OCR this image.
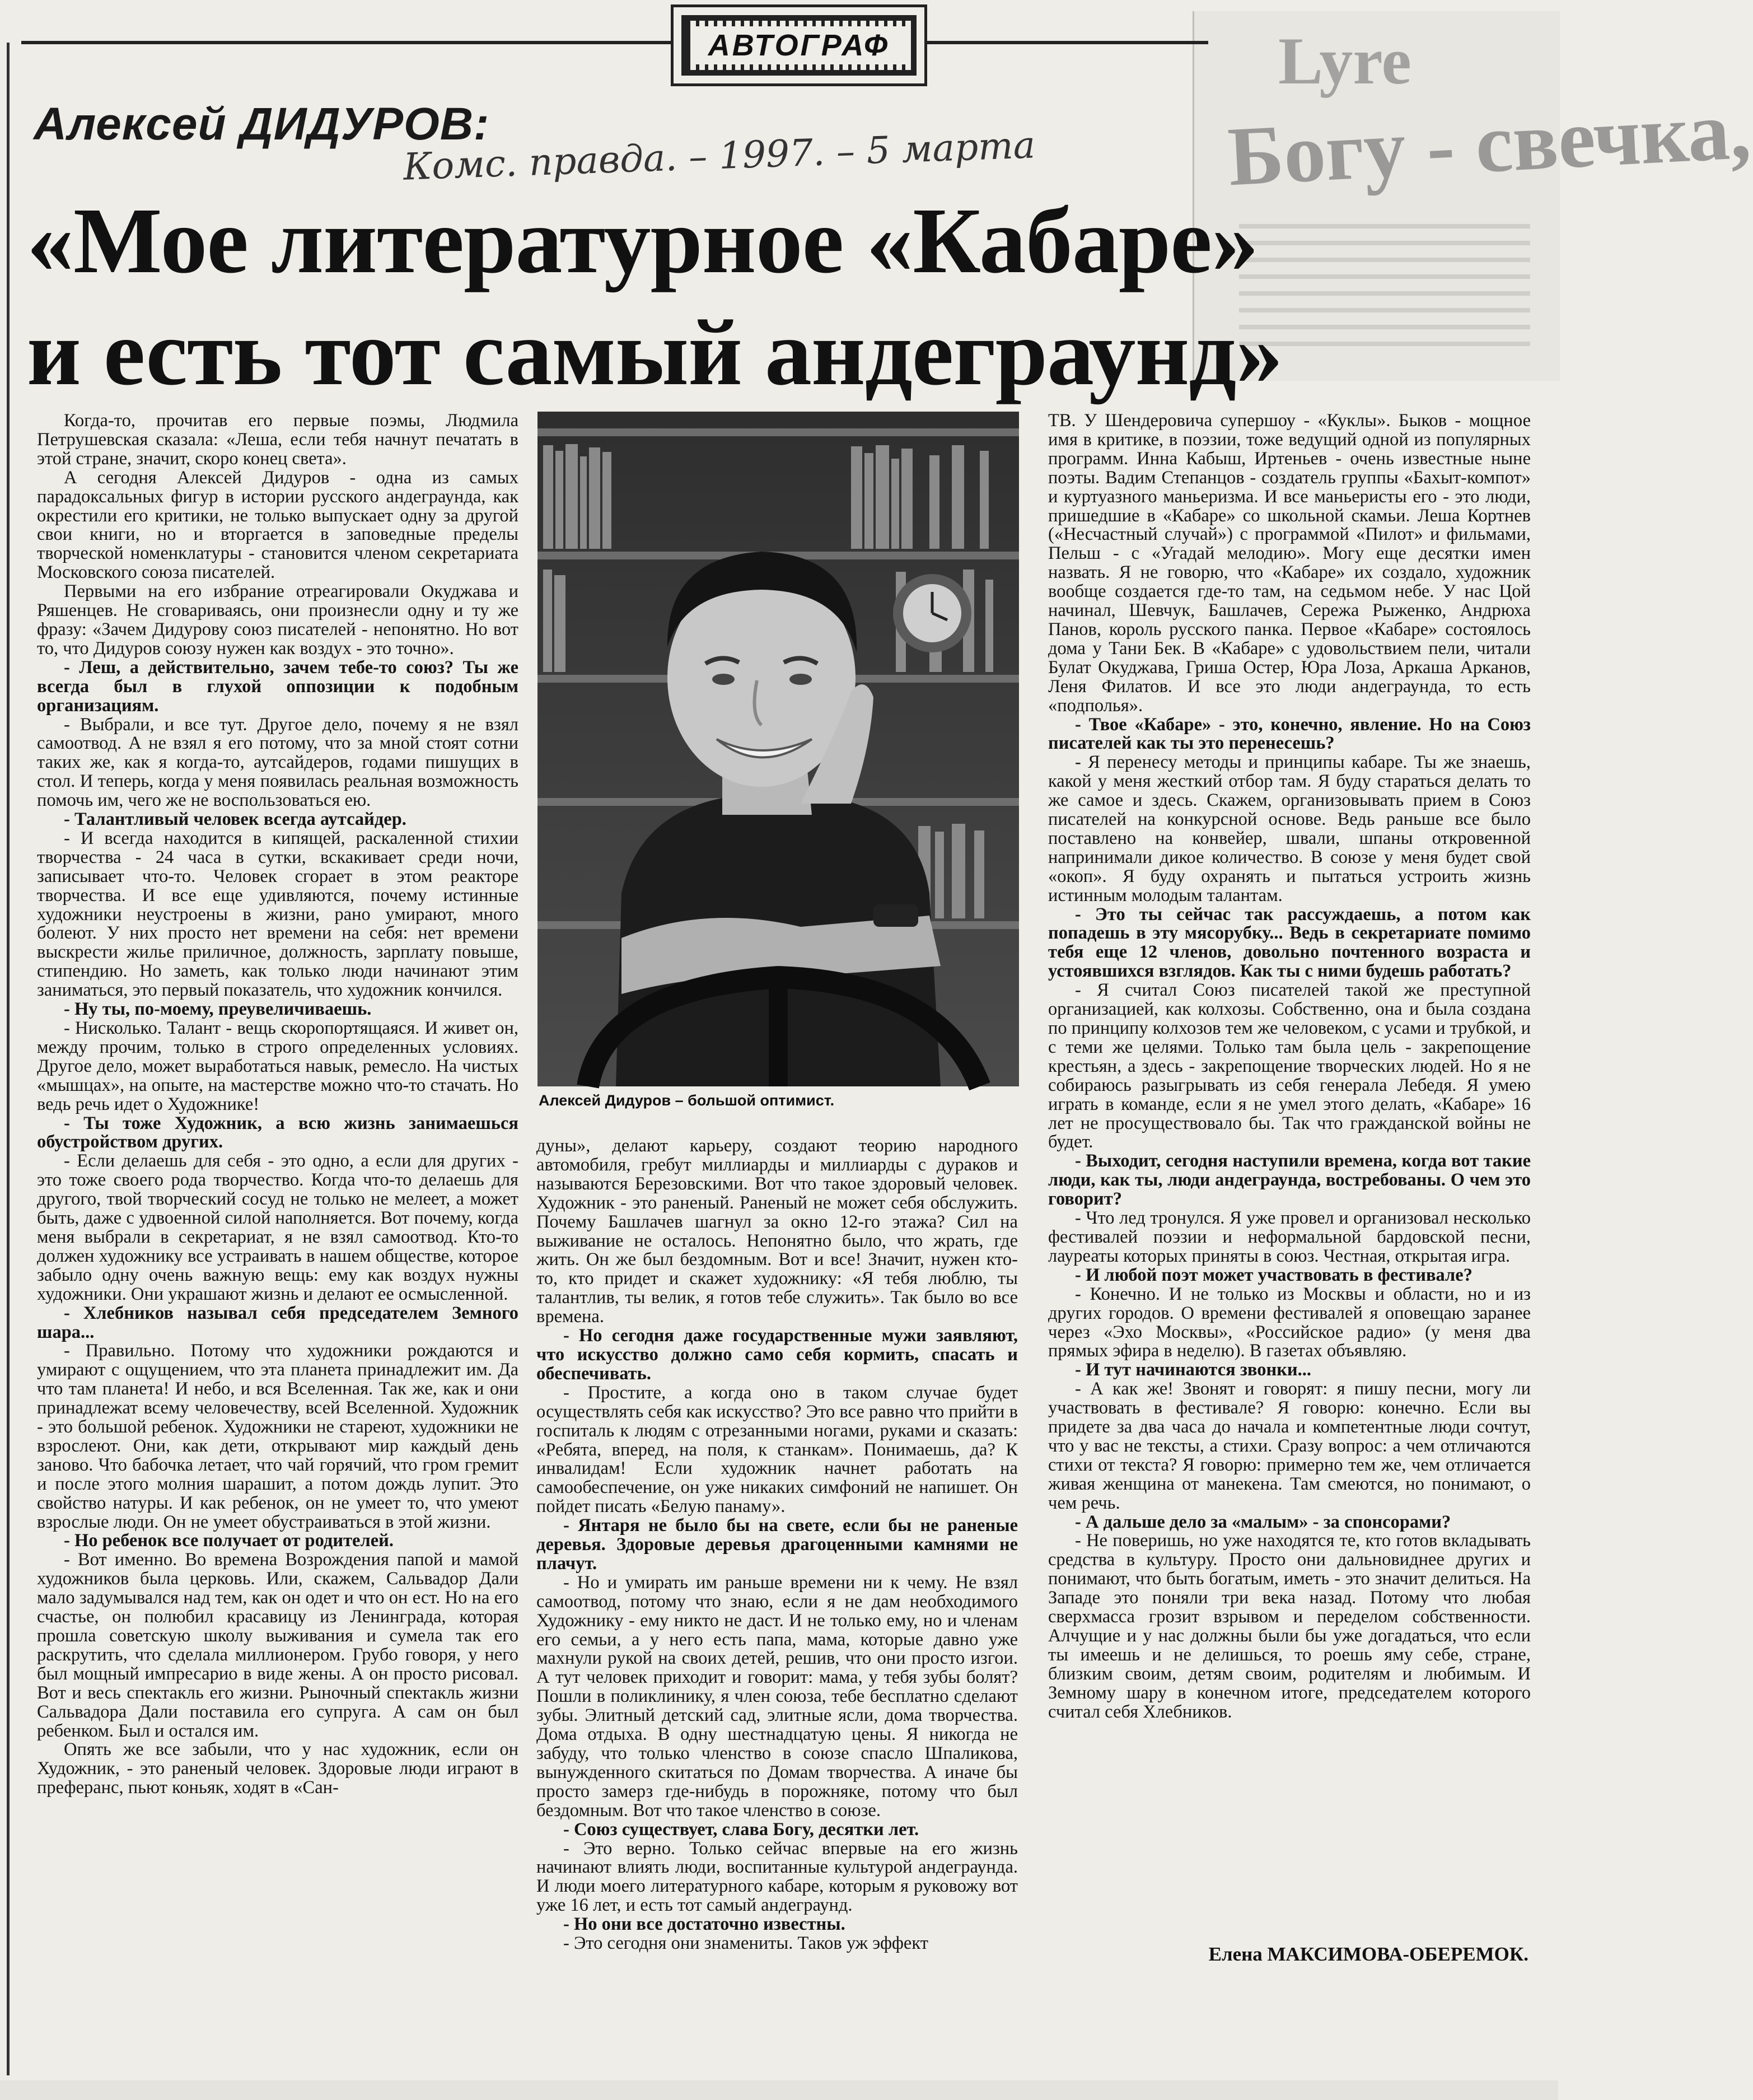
Lyre
Богу - свечка,
АВТОГРАФ
Алексей ДИДУРОВ:
Комс. правда. – 1997. – 5 марта
«Мое литературное «Кабаре»
и есть тот самый андеграунд»

Когда-то, прочитав его первые поэмы, Людмила Петрушевская сказала: «Леша, если тебя начнут печатать в этой стране, значит, скоро конец света».

А сегодня Алексей Дидуров - одна из самых парадоксальных фигур в истории русского андеграунда, как окрестили его критики, не только выпускает одну за другой свои книги, но и вторгается в заповедные пределы творческой номенклатуры - становится членом секретариата Московского союза писателей.

Первыми на его избрание отреагировали Окуджава и Ряшенцев. Не сговариваясь, они произнесли одну и ту же фразу: «Зачем Дидурову союз писателей - непонятно. Но вот то, что Дидуров союзу нужен как воздух - это точно».

- Леш, а действительно, зачем тебе-то союз? Ты же всегда был в глухой оппозиции к подобным организациям.

- Выбрали, и все тут. Другое дело, почему я не взял самоотвод. А не взял я его потому, что за мной стоят сотни таких же, как я когда-то, аутсайдеров, годами пишущих в стол. И теперь, когда у меня появилась реальная возможность помочь им, чего же не воспользоваться ею.

- Талантливый человек всегда аутсайдер.

- И всегда находится в кипящей, раскаленной стихии творчества - 24 часа в сутки, вскакивает среди ночи, записывает что-то. Человек сгорает в этом реакторе творчества. И все еще удивляются, почему истинные художники неустроены в жизни, рано умирают, много болеют. У них просто нет времени на себя: нет времени выскрести жилье приличное, должность, зарплату повыше, стипендию. Но заметь, как только люди начинают этим заниматься, это первый показатель, что художник кончился.

- Ну ты, по-моему, преувеличиваешь.

- Нисколько. Талант - вещь скоропортящаяся. И живет он, между прочим, только в строго определенных условиях. Другое дело, может выработаться навык, ремесло. На чистых «мышцах», на опыте, на мастерстве можно что-то стачать. Но ведь речь идет о Художнике!

- Ты тоже Художник, а всю жизнь занимаешься обустройством других.

- Если делаешь для себя - это одно, а если для других - это тоже своего рода творчество. Когда что-то делаешь для другого, твой творческий сосуд не только не мелеет, а может быть, даже с удвоенной силой наполняется. Вот почему, когда меня выбрали в секретариат, я не взял самоотвод. Кто-то должен художнику все устраивать в нашем обществе, которое забыло одну очень важную вещь: ему как воздух нужны художники. Они украшают жизнь и делают ее осмысленной.

- Хлебников называл себя председателем Земного шара...

- Правильно. Потому что художники рождаются и умирают с ощущением, что эта планета принадлежит им. Да что там планета! И небо, и вся Вселенная. Так же, как и они принадлежат всему человечеству, всей Вселенной. Художник - это большой ребенок. Художники не стареют, художники не взрослеют. Они, как дети, открывают мир каждый день заново. Что бабочка летает, что чай горячий, что гром гремит и после этого молния шарашит, а потом дождь лупит. Это свойство натуры. И как ребенок, он не умеет то, что умеют взрослые люди. Он не умеет обустраиваться в этой жизни.

- Но ребенок все получает от родителей.

- Вот именно. Во времена Возрождения папой и мамой художников была церковь. Или, скажем, Сальвадор Дали мало задумывался над тем, как он одет и что он ест. Но на его счастье, он полюбил красавицу из Ленинграда, которая прошла советскую школу выживания и сумела так его раскрутить, что сделала миллионером. Грубо говоря, у него был мощный импресарио в виде жены. А он просто рисовал. Вот и весь спектакль его жизни. Рыночный спектакль жизни Сальвадора Дали поставила его супруга. А сам он был ребенком. Был и остался им.

Опять же все забыли, что у нас художник, если он Художник, - это раненый человек. Здоровые люди играют в преферанс, пьют коньяк, ходят в «Сан-

Алексей Дидуров – большой оптимист.

дуны», делают карьеру, создают теорию народного автомобиля, гребут миллиарды и миллиарды с дураков и называются Березовскими. Вот что такое здоровый человек. Художник - это раненый. Раненый не может себя обслужить. Почему Башлачев шагнул за окно 12-го этажа? Сил на выживание не осталось. Непонятно было, что жрать, где жить. Он же был бездомным. Вот и все! Значит, нужен кто-то, кто придет и скажет художнику: «Я тебя люблю, ты талантлив, ты велик, я готов тебе служить». Так было во все времена.

- Но сегодня даже государственные мужи заявляют, что искусство должно само себя кормить, спасать и обеспечивать.

- Простите, а когда оно в таком случае будет осуществлять себя как искусство? Это все равно что прийти в госпиталь к людям с отрезанными ногами, руками и сказать: «Ребята, вперед, на поля, к станкам». Понимаешь, да? К инвалидам! Если художник начнет работать на самообеспечение, он уже никаких симфоний не напишет. Он пойдет писать «Белую панаму».

- Янтаря не было бы на свете, если бы не раненые деревья. Здоровые деревья драгоценными камнями не плачут.

- Но и умирать им раньше времени ни к чему. Не взял самоотвод, потому что знаю, если я не дам необходимого Художнику - ему никто не даст. И не только ему, но и членам его семьи, а у него есть папа, мама, которые давно уже махнули рукой на своих детей, решив, что они просто изгои. А тут человек приходит и говорит: мама, у тебя зубы болят? Пошли в поликлинику, я член союза, тебе бесплатно сделают зубы. Элитный детский сад, элитные ясли, дома творчества. Дома отдыха. В одну шестнадцатую цены. Я никогда не забуду, что только членство в союзе спасло Шпаликова, вынужденного скитаться по Домам творчества. А иначе бы просто замерз где-нибудь в порожняке, потому что был бездомным. Вот что такое членство в союзе.

- Союз существует, слава Богу, десятки лет.

- Это верно. Только сейчас впервые на его жизнь начинают влиять люди, воспитанные культурой андеграунда. И люди моего литературного кабаре, которым я руковожу вот уже 16 лет, и есть тот самый андеграунд.

- Но они все достаточно известны.

- Это сегодня они знамениты. Таков уж эффект

ТВ. У Шендеровича супершоу - «Куклы». Быков - мощное имя в критике, в поэзии, тоже ведущий одной из популярных программ. Инна Кабыш, Иртеньев - очень известные ныне поэты. Вадим Степанцов - создатель группы «Бахыт-компот» и куртуазного маньеризма. И все маньеристы его - это люди, пришедшие в «Кабаре» со школьной скамьи. Леша Кортнев («Несчастный случай») с программой «Пилот» и фильмами, Пельш - с «Угадай мелодию». Могу еще десятки имен назвать. Я не говорю, что «Кабаре» их создало, художник вообще создается где-то там, на седьмом небе. У нас Цой начинал, Шевчук, Башлачев, Сережа Рыженко, Андрюха Панов, король русского панка. Первое «Кабаре» состоялось дома у Тани Бек. В «Кабаре» с удовольствием пели, читали Булат Окуджава, Гриша Остер, Юра Лоза, Аркаша Арканов, Леня Филатов. И все это люди андеграунда, то есть «подполья».

- Твое «Кабаре» - это, конечно, явление. Но на Союз писателей как ты это перенесешь?

- Я перенесу методы и принципы кабаре. Ты же знаешь, какой у меня жесткий отбор там. Я буду стараться делать то же самое и здесь. Скажем, организовывать прием в Союз писателей на конкурсной основе. Ведь раньше все было поставлено на конвейер, швали, шпаны откровенной напринимали дикое количество. В союзе у меня будет свой «окоп». Я буду охранять и пытаться устроить жизнь истинным молодым талантам.

- Это ты сейчас так рассуждаешь, а потом как попадешь в эту мясорубку... Ведь в секретариате помимо тебя еще 12 членов, довольно почтенного возраста и устоявшихся взглядов. Как ты с ними будешь работать?

- Я считал Союз писателей такой же преступной организацией, как колхозы. Собственно, она и была создана по принципу колхозов тем же человеком, с усами и трубкой, и с теми же целями. Только там была цель - закрепощение крестьян, а здесь - закрепощение творческих людей. Но я не собираюсь разыгрывать из себя генерала Лебедя. Я умею играть в команде, если я не умел этого делать, «Кабаре» 16 лет не просуществовало бы. Так что гражданской войны не будет.

- Выходит, сегодня наступили времена, когда вот такие люди, как ты, люди андеграунда, востребованы. О чем это говорит?

- Что лед тронулся. Я уже провел и организовал несколько фестивалей поэзии и неформальной бардовской песни, лауреаты которых приняты в союз. Честная, открытая игра.

- И любой поэт может участвовать в фестивале?

- Конечно. И не только из Москвы и области, но и из других городов. О времени фестивалей я оповещаю заранее через «Эхо Москвы», «Российское радио» (у меня два прямых эфира в неделю). В газетах объявляю.

- И тут начинаются звонки...

- А как же! Звонят и говорят: я пишу песни, могу ли участвовать в фестивале? Я говорю: конечно. Если вы придете за два часа до начала и компетентные люди сочтут, что у вас не тексты, а стихи. Сразу вопрос: а чем отличаются стихи от текста? Я говорю: примерно тем же, чем отличается живая женщина от манекена. Там смеются, но понимают, о чем речь.

- А дальше дело за «малым» - за спонсорами?

- Не поверишь, но уже находятся те, кто готов вкладывать средства в культуру. Просто они дальновиднее других и понимают, что быть богатым, иметь - это значит делиться. На Западе это поняли три века назад. Потому что любая сверхмасса грозит взрывом и переделом собственности. Алчущие и у нас должны были бы уже догадаться, что если ты имеешь и не делишься, то роешь яму себе, стране, близким своим, детям своим, родителям и любимым. И Земному шару в конечном итоге, председателем которого считал себя Хлебников.

Елена МАКСИМОВА-ОБЕРЕМОК.
